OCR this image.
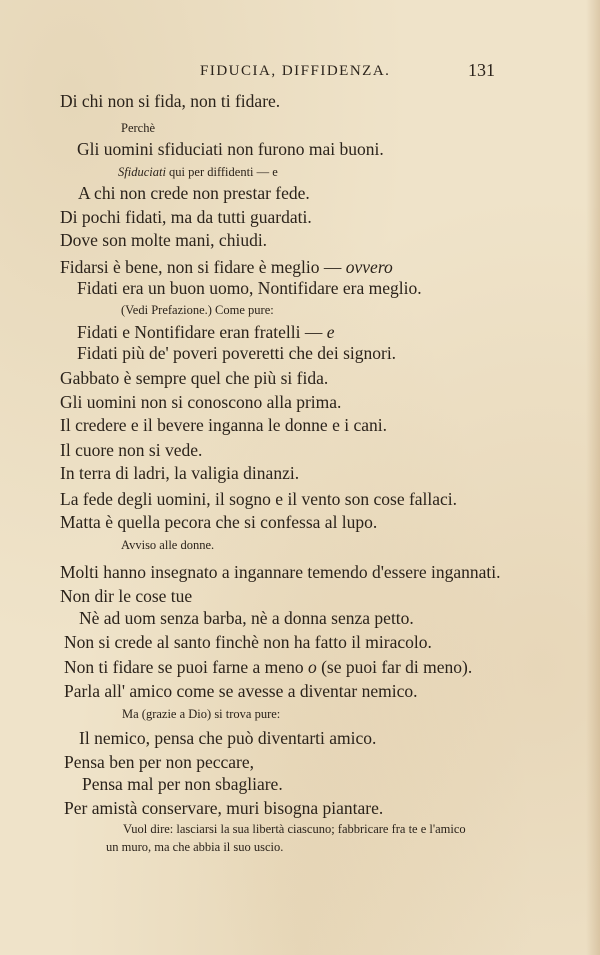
FIDUCIA, DIFFIDENZA.	131
Di chi non si fida, non ti fidare.
Perchè
Gli uomini sfiduciati non furono mai buoni.
Sfiduciati qui per diffidenti — e
A chi non crede non prestar fede.
Di pochi fidati, ma da tutti guardati.
Dove son molte mani, chiudi.
Fidarsi è bene, non si fidare è meglio — ovvero
Fidati era un buon uomo, Nontifidare era meglio.
(Vedi Prefazione.) Come pure:
Fidati e Nontifidare eran fratelli — e
Fidati più de' poveri poveretti che dei signori.
Gabbato è sempre quel che più si fida.
Gli uomini non si conoscono alla prima.
Il credere e il bevere inganna le donne e i cani.
Il cuore non si vede.
In terra di ladri, la valigia dinanzi.
La fede degli uomini, il sogno e il vento son cose fallaci.
Matta è quella pecora che si confessa al lupo.
Avviso alle donne.
Molti hanno insegnato a ingannare temendo d'essere ingannati.
Non dir le cose tue
Nè ad uom senza barba, nè a donna senza petto.
Non si crede al santo finchè non ha fatto il miracolo.
Non ti fidare se puoi farne a meno o (se puoi far di meno).
Parla all' amico come se avesse a diventar nemico.
Ma (grazie a Dio) si trova pure:
Il nemico, pensa che può diventarti amico.
Pensa ben per non peccare,
Pensa mal per non sbagliare.
Per amistà conservare, muri bisogna piantare.
Vuol dire: lasciarsi la sua libertà ciascuno; fabbricare fra te e l'amico
un muro, ma che abbia il suo uscio.
